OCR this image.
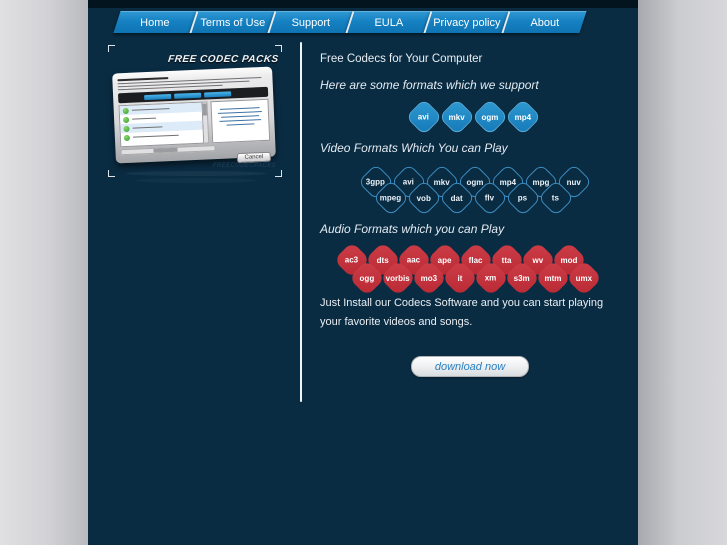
Home	Terms of Use	Support	EULA	Privacy policy	About
FREE CODEC PACKS
Cancel
FREECODECPACKS
Free Codecs for Your Computer
Here are some formats which we support
avi mkv ogm mp4
Video Formats Which You can Play
3gpp avi mkv ogm mp4 mpg nuv
mpeg vob dat	flv	ps	ts
Audio Formats which you can Play
ac3 dts aac ape flac tta	wv mod
ogg vorbis mo3	it	xm s3m mtm umx
Just Install our Codecs Software and you can start playing your favorite videos and songs.
download now
